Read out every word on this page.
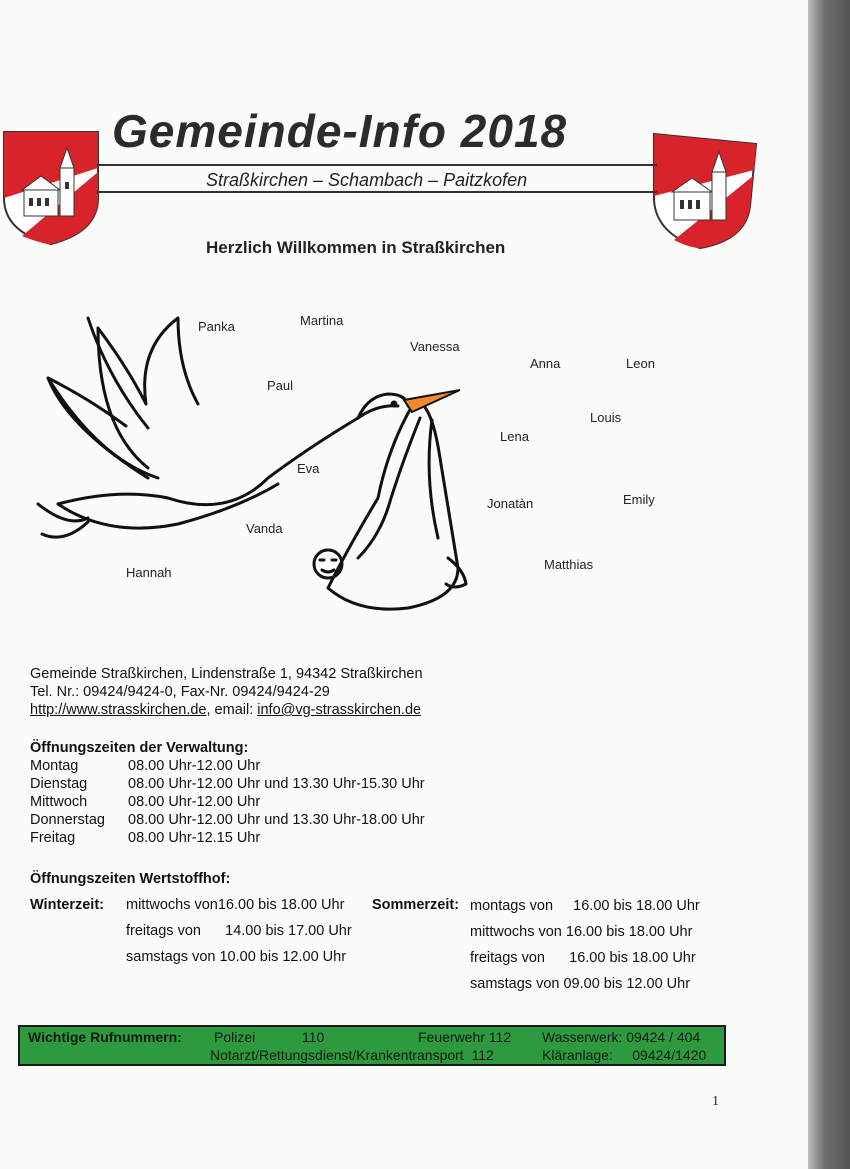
Gemeinde-Info 2018
Straßkirchen – Schambach – Paitzkofen
Herzlich Willkommen in Straßkirchen
Panka	Martina
Vanessa
Anna	Leon
Paul
Louis
Lena
Eva
Jonatàn	Emily
Vanda
Matthias
Hannah
Gemeinde Straßkirchen, Lindenstraße 1, 94342 Straßkirchen
Tel. Nr.: 09424/9424-0, Fax-Nr. 09424/9424-29
http://www.strasskirchen.de, email: info@vg-strasskirchen.de
Öffnungszeiten der Verwaltung:
Montag	08.00 Uhr-12.00 Uhr
Dienstag	08.00 Uhr-12.00 Uhr und 13.30 Uhr-15.30 Uhr
Mittwoch	08.00 Uhr-12.00 Uhr
Donnerstag 08.00 Uhr-12.00 Uhr und 13.30 Uhr-18.00 Uhr
Freitag	08.00 Uhr-12.15 Uhr
Öffnungszeiten Wertstoffhof:
Winterzeit: mittwochs von16.00 bis 18.00 Uhr
freitags von      14.00 bis 17.00 Uhr
samstags von 10.00 bis 12.00 Uhr
Sommerzeit: montags von     16.00 bis 18.00 Uhr
mittwochs von 16.00 bis 18.00 Uhr
freitags von      16.00 bis 18.00 Uhr
samstags von 09.00 bis 12.00 Uhr
Wichtige Rufnummern: Polizei	110	Feuerwehr 112 Wasserwerk: 09424 / 404
Notarzt/Rettungsdienst/Krankentransport  112	Kläranlage:     09424/1420
1
